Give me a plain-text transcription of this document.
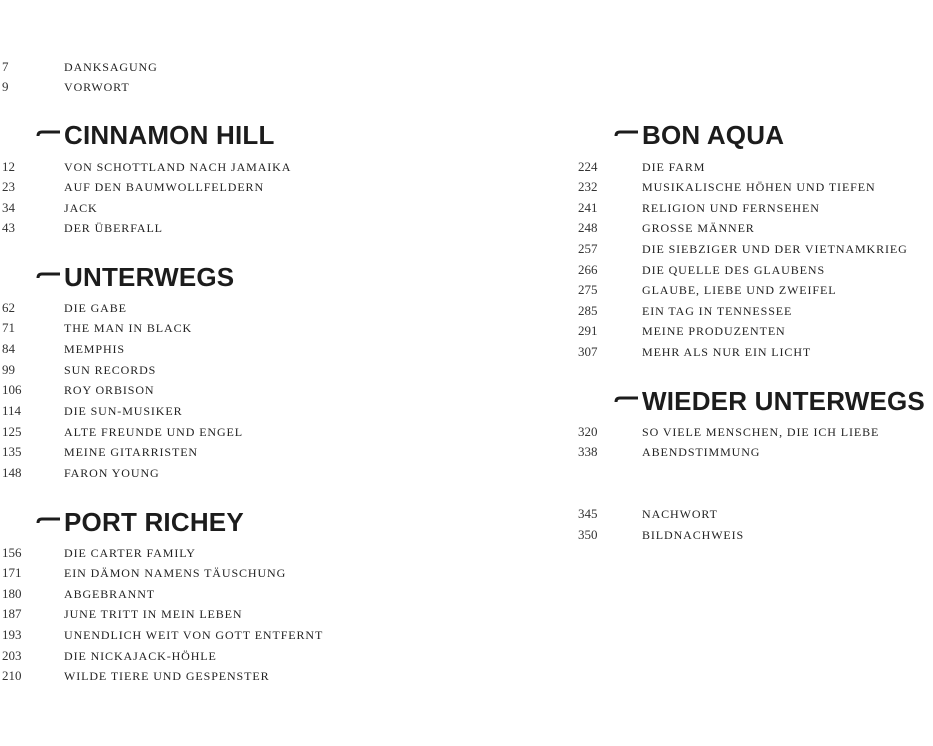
7	DANKSAGUNG
9	VORWORT
CINNAMON HILL
12	VON SCHOTTLAND NACH JAMAIKA
23	AUF DEN BAUMWOLLFELDERN
34	JACK
43	DER ÜBERFALL
UNTERWEGS
62	DIE GABE
71	THE MAN IN BLACK
84	MEMPHIS
99	SUN RECORDS
106	ROY ORBISON
114	DIE SUN-MUSIKER
125	ALTE FREUNDE UND ENGEL
135	MEINE GITARRISTEN
148	FARON YOUNG
PORT RICHEY
156	DIE CARTER FAMILY
171	EIN DÄMON NAMENS TÄUSCHUNG
180	ABGEBRANNT
187	JUNE TRITT IN MEIN LEBEN
193	UNENDLICH WEIT VON GOTT ENTFERNT
203	DIE NICKAJACK-HÖHLE
210	WILDE TIERE UND GESPENSTER
BON AQUA
224	DIE FARM
232	MUSIKALISCHE HÖHEN UND TIEFEN
241	RELIGION UND FERNSEHEN
248	GROSSE MÄNNER
257	DIE SIEBZIGER UND DER VIETNAMKRIEG
266	DIE QUELLE DES GLAUBENS
275	GLAUBE, LIEBE UND ZWEIFEL
285	EIN TAG IN TENNESSEE
291	MEINE PRODUZENTEN
307	MEHR ALS NUR EIN LICHT
WIEDER UNTERWEGS
320	SO VIELE MENSCHEN, DIE ICH LIEBE
338	ABENDSTIMMUNG
345	NACHWORT
350	BILDNACHWEIS
